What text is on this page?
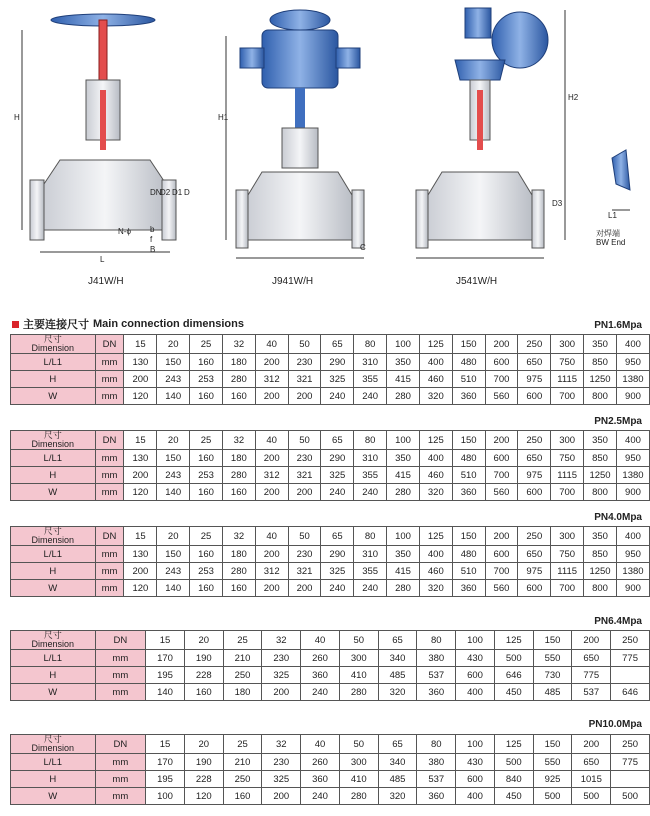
H	H1
H2
DN
D2 D1 D
D3
L
L1
N-ϕ b
f
C
B
J41W/H	J941W/H	J541W/H
对焊端
BW End
主要连接尺寸 Main connection dimensions	PN1.6Mpa
尺寸
Dimension	DN	15	20	25	32	40	50	65	80	100	125	150	200	250	300	350	400
L/L1	mm	130	150	160	180	200	230	290	310	350	400	480	600	650	750	850	950
H	mm	200	243	253	280	312	321	325	355	415	460	510	700	975	1115	1250	1380
W	mm	120	140	160	160	200	200	240	240	280	320	360	560	600	700	800	900
PN2.5Mpa
尺寸
Dimension	DN	15	20	25	32	40	50	65	80	100	125	150	200	250	300	350	400
L/L1	mm	130	150	160	180	200	230	290	310	350	400	480	600	650	750	850	950
H	mm	200	243	253	280	312	321	325	355	415	460	510	700	975	1115	1250	1380
W	mm	120	140	160	160	200	200	240	240	280	320	360	560	600	700	800	900
PN4.0Mpa
尺寸
Dimension	DN	15	20	25	32	40	50	65	80	100	125	150	200	250	300	350	400
L/L1	mm	130	150	160	180	200	230	290	310	350	400	480	600	650	750	850	950
H	mm	200	243	253	280	312	321	325	355	415	460	510	700	975	1115	1250	1380
W	mm	120	140	160	160	200	200	240	240	280	320	360	560	600	700	800	900
PN6.4Mpa
尺寸
Dimension	DN	15	20	25	32	40	50	65	80	100	125	150	200	250
L/L1	mm	170	190	210	230	260	300	340	380	430	500	550	650	775
H	mm	195	228	250	325	360	410	485	537	600	646	730	775	
W	mm	140	160	180	200	240	280	320	360	400	450	485	537	646
PN10.0Mpa
尺寸
Dimension	DN	15	20	25	32	40	50	65	80	100	125	150	200	250
L/L1	mm	170	190	210	230	260	300	340	380	430	500	550	650	775
H	mm	195	228	250	325	360	410	485	537	600	840	925	1015	
W	mm	100	120	160	200	240	280	320	360	400	450	500	500	500
